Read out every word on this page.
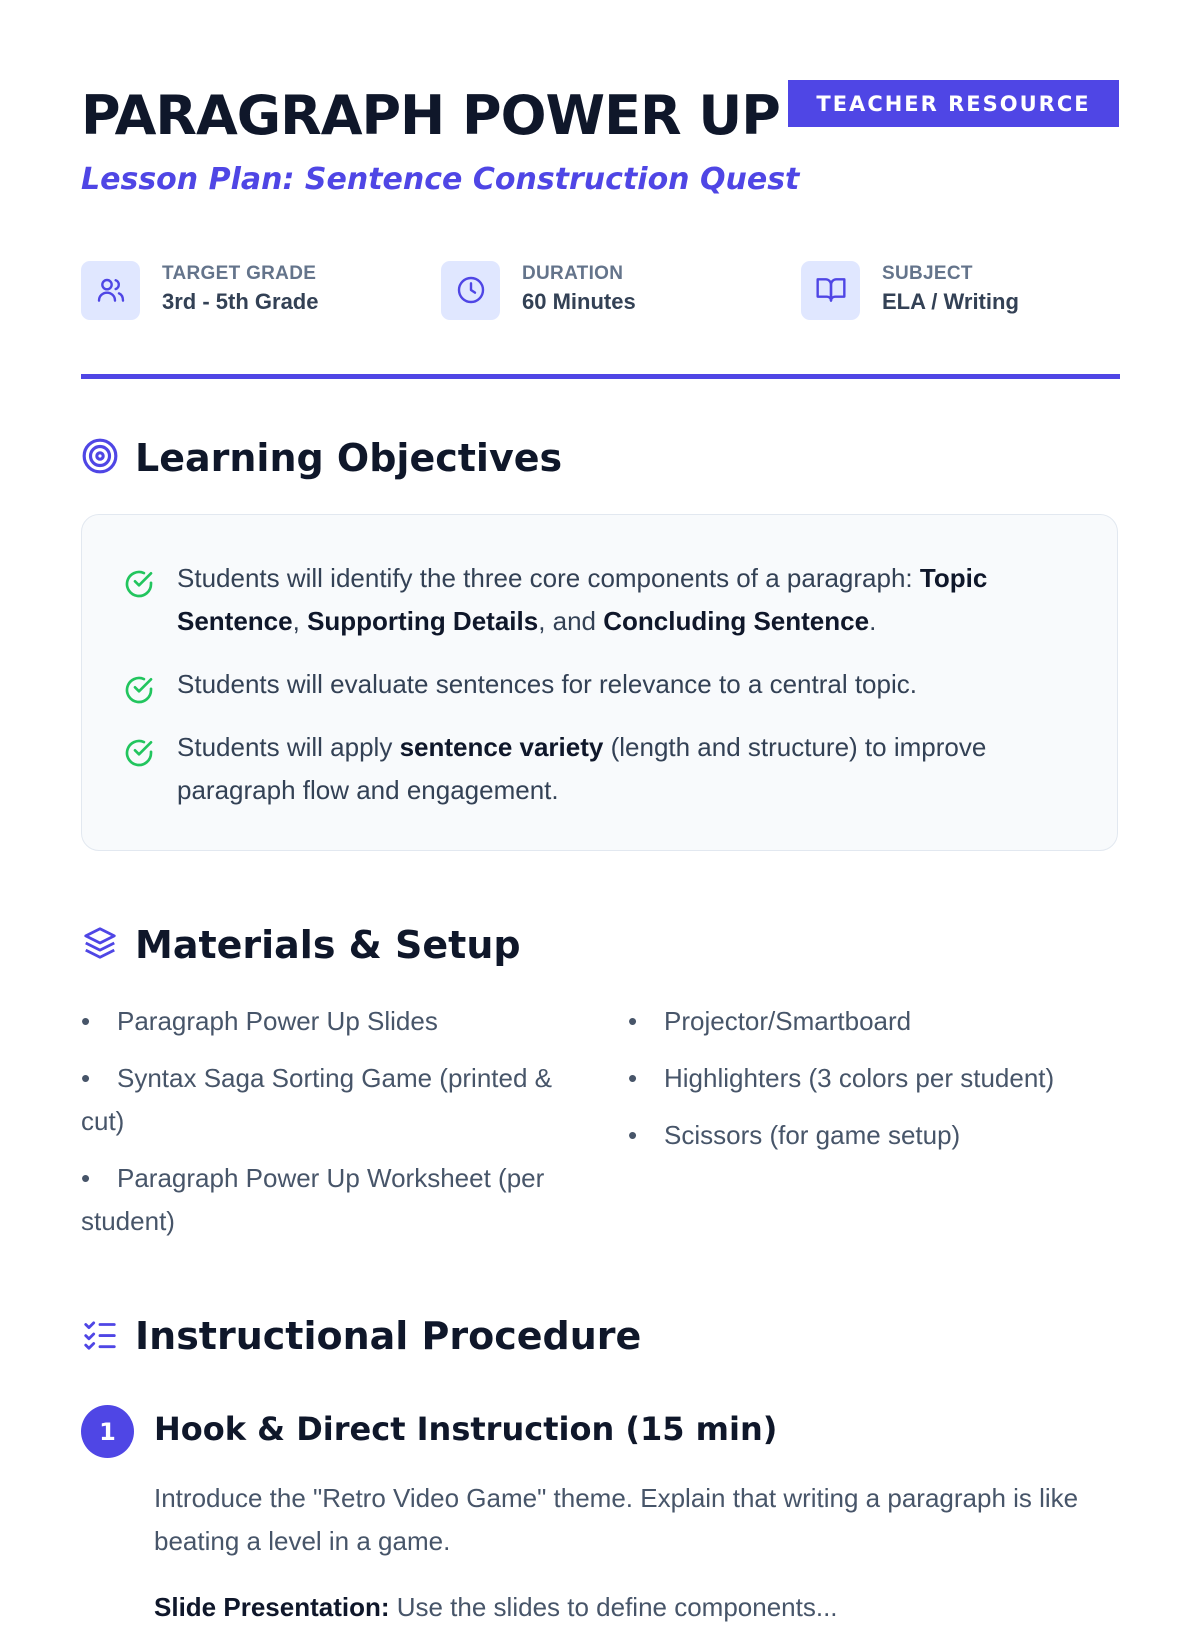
PARAGRAPH POWER UP	TEACHER RESOURCE
Lesson Plan: Sentence Construction Quest
TARGET GRADE
3rd - 5th Grade
DURATION
60 Minutes
SUBJECT
ELA / Writing
Learning Objectives
Students will identify the three core components of a paragraph: Topic Sentence, Supporting Details, and Concluding Sentence.
Students will evaluate sentences for relevance to a central topic.
Students will apply sentence variety (length and structure) to improve paragraph flow and engagement.
Materials & Setup
• Paragraph Power Up Slides
• Syntax Saga Sorting Game (printed & cut)
• Paragraph Power Up Worksheet (per student)
• Projector/Smartboard
• Highlighters (3 colors per student)
• Scissors (for game setup)
Instructional Procedure
1	Hook & Direct Instruction (15 min)
Introduce the "Retro Video Game" theme. Explain that writing a paragraph is like beating a level in a game.
Slide Presentation: Use the slides to define components...
